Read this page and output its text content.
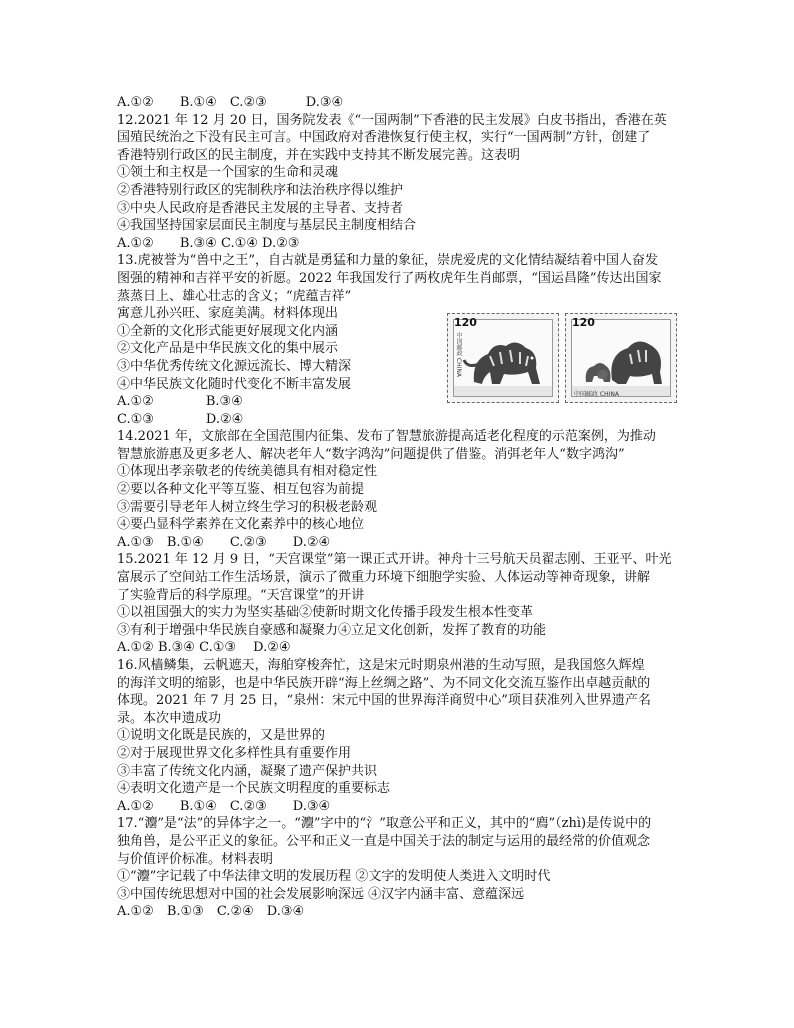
A.①②　　B.①④　C.②③　　　D.③④
12.2021 年 12 月 20 日，国务院发表《“一国两制”下香港的民主发展》白皮书指出，香港在英
国殖民统治之下没有民主可言。中国政府对香港恢复行使主权，实行“一国两制”方针，创建了
香港特别行政区的民主制度，并在实践中支持其不断发展完善。这表明
①领土和主权是一个国家的生命和灵魂
②香港特别行政区的宪制秩序和法治秩序得以维护
③中央人民政府是香港民主发展的主导者、支持者
④我国坚持国家层面民主制度与基层民主制度相结合
A.①②　　B.③④ C.①④ D.②③
13.虎被誉为“兽中之王”，自古就是勇猛和力量的象征，崇虎爱虎的文化情结凝结着中国人奋发
图强的精神和吉祥平安的祈愿。2022 年我国发行了两枚虎年生肖邮票，“国运昌隆”传达出国家
蒸蒸日上、雄心壮志的含义；“虎蕴吉祥”
寓意儿孙兴旺、家庭美满。材料体现出
①全新的文化形式能更好展现文化内涵
②文化产品是中华民族文化的集中展示
③中华优秀传统文化源远流长、博大精深
④中华民族文化随时代变化不断丰富发展
A.①②　　　　B.③④
C.①③　　　　D.②④
120
中国邮政 CHINA
120
中国邮政 CHINA
14.2021 年，文旅部在全国范围内征集、发布了智慧旅游提高适老化程度的示范案例，为推动
智慧旅游惠及更多老人、解决老年人“数字鸿沟”问题提供了借鉴。消弭老年人“数字鸿沟”
①体现出孝亲敬老的传统美德具有相对稳定性
②要以各种文化平等互鉴、相互包容为前提
③需要引导老年人树立终生学习的积极老龄观
④要凸显科学素养在文化素养中的核心地位
A.①③　B.①④　　C.②③　　D.②④
15.2021 年 12 月 9 日，“天宫课堂”第一课正式开讲。神舟十三号航天员翟志刚、王亚平、叶光
富展示了空间站工作生活场景，演示了微重力环境下细胞学实验、人体运动等神奇现象，讲解
了实验背后的科学原理。“天宫课堂”的开讲
①以祖国强大的实力为坚实基础②使新时期文化传播手段发生根本性变革
③有利于增强中华民族自豪感和凝聚力④立足文化创新，发挥了教育的功能
A.①② B.③④ C.①③　 D.②④
16.风樯鳞集，云帆遮天，海舶穿梭奔忙，这是宋元时期泉州港的生动写照，是我国悠久辉煌
的海洋文明的缩影，也是中华民族开辟“海上丝绸之路”、为不同文化交流互鉴作出卓越贡献的
体现。2021 年 7 月 25 日，“泉州：宋元中国的世界海洋商贸中心”项目获准列入世界遗产名
录。本次申遗成功
①说明文化既是民族的，又是世界的
②对于展现世界文化多样性具有重要作用
③丰富了传统文化内涵，凝聚了遗产保护共识
④表明文化遗产是一个民族文明程度的重要标志
A.①②　　B.①④　C.②③　　D.③④
17.“灋”是“法”的异体字之一。“灋”字中的“氵”取意公平和正义，其中的“廌”（zhì)是传说中的
独角兽，是公平正义的象征。公平和正义一直是中国关于法的制定与运用的最经常的价值观念
与价值评价标准。材料表明
①“灋”字记载了中华法律文明的发展历程 ②文字的发明使人类进入文明时代
③中国传统思想对中国的社会发展影响深远 ④汉字内涵丰富、意蕴深远
A.①②　B.①③　C.②④　D.③④
